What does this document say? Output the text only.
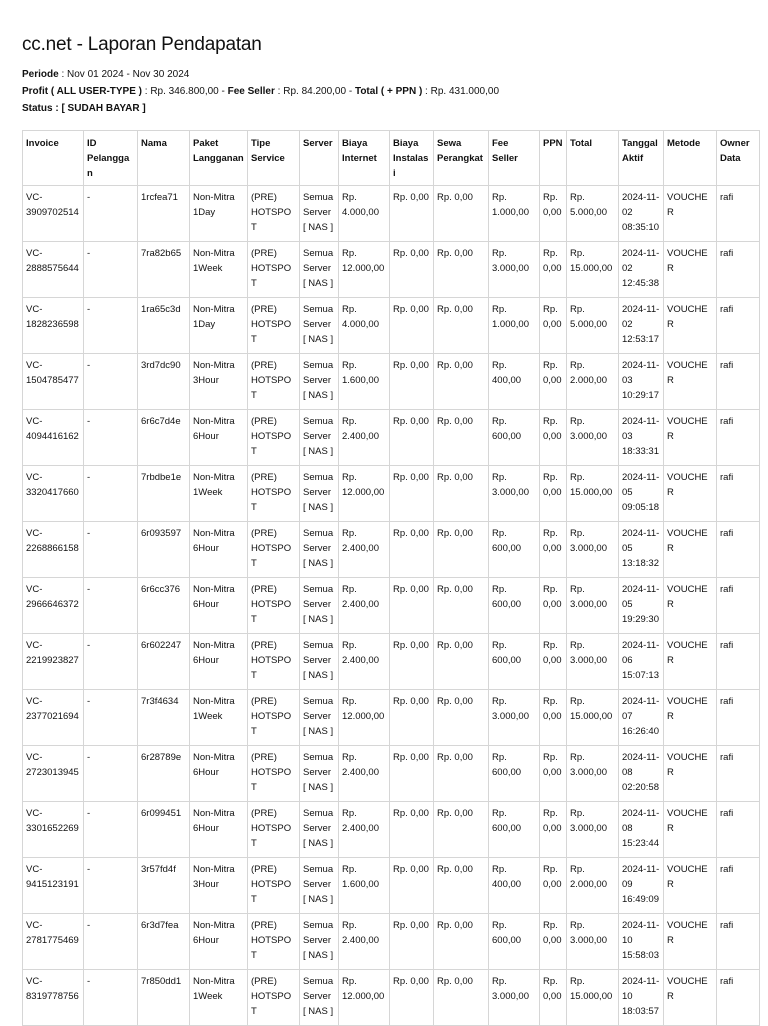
cc.net - Laporan Pendapatan
Periode : Nov 01 2024 - Nov 30 2024
Profit ( ALL USER-TYPE ) : Rp. 346.800,00 - Fee Seller : Rp. 84.200,00 - Total ( + PPN ) : Rp. 431.000,00
Status : [ SUDAH BAYAR ]
Invoice	ID Pelanggan	Nama	Paket Langganan	Tipe Service	Server	Biaya Internet	Biaya Instalasi	Sewa Perangkat	Fee Seller	PPN	Total	Tanggal Aktif	Metode	Owner Data
VC-3909702514	-	1rcfea71	Non-Mitra 1Day	(PRE) HOTSPOT	Semua Server [ NAS ]	Rp. 4.000,00	Rp. 0,00	Rp. 0,00	Rp. 1.000,00	Rp. 0,00	Rp. 5.000,00	2024-11-02 08:35:10	VOUCHER	rafi
VC-2888575644	-	7ra82b65	Non-Mitra 1Week	(PRE) HOTSPOT	Semua Server [ NAS ]	Rp. 12.000,00	Rp. 0,00	Rp. 0,00	Rp. 3.000,00	Rp. 0,00	Rp. 15.000,00	2024-11-02 12:45:38	VOUCHER	rafi
VC-1828236598	-	1ra65c3d	Non-Mitra 1Day	(PRE) HOTSPOT	Semua Server [ NAS ]	Rp. 4.000,00	Rp. 0,00	Rp. 0,00	Rp. 1.000,00	Rp. 0,00	Rp. 5.000,00	2024-11-02 12:53:17	VOUCHER	rafi
VC-1504785477	-	3rd7dc90	Non-Mitra 3Hour	(PRE) HOTSPOT	Semua Server [ NAS ]	Rp. 1.600,00	Rp. 0,00	Rp. 0,00	Rp. 400,00	Rp. 0,00	Rp. 2.000,00	2024-11-03 10:29:17	VOUCHER	rafi
VC-4094416162	-	6r6c7d4e	Non-Mitra 6Hour	(PRE) HOTSPOT	Semua Server [ NAS ]	Rp. 2.400,00	Rp. 0,00	Rp. 0,00	Rp. 600,00	Rp. 0,00	Rp. 3.000,00	2024-11-03 18:33:31	VOUCHER	rafi
VC-3320417660	-	7rbdbe1e	Non-Mitra 1Week	(PRE) HOTSPOT	Semua Server [ NAS ]	Rp. 12.000,00	Rp. 0,00	Rp. 0,00	Rp. 3.000,00	Rp. 0,00	Rp. 15.000,00	2024-11-05 09:05:18	VOUCHER	rafi
VC-2268866158	-	6r093597	Non-Mitra 6Hour	(PRE) HOTSPOT	Semua Server [ NAS ]	Rp. 2.400,00	Rp. 0,00	Rp. 0,00	Rp. 600,00	Rp. 0,00	Rp. 3.000,00	2024-11-05 13:18:32	VOUCHER	rafi
VC-2966646372	-	6r6cc376	Non-Mitra 6Hour	(PRE) HOTSPOT	Semua Server [ NAS ]	Rp. 2.400,00	Rp. 0,00	Rp. 0,00	Rp. 600,00	Rp. 0,00	Rp. 3.000,00	2024-11-05 19:29:30	VOUCHER	rafi
VC-2219923827	-	6r602247	Non-Mitra 6Hour	(PRE) HOTSPOT	Semua Server [ NAS ]	Rp. 2.400,00	Rp. 0,00	Rp. 0,00	Rp. 600,00	Rp. 0,00	Rp. 3.000,00	2024-11-06 15:07:13	VOUCHER	rafi
VC-2377021694	-	7r3f4634	Non-Mitra 1Week	(PRE) HOTSPOT	Semua Server [ NAS ]	Rp. 12.000,00	Rp. 0,00	Rp. 0,00	Rp. 3.000,00	Rp. 0,00	Rp. 15.000,00	2024-11-07 16:26:40	VOUCHER	rafi
VC-2723013945	-	6r28789e	Non-Mitra 6Hour	(PRE) HOTSPOT	Semua Server [ NAS ]	Rp. 2.400,00	Rp. 0,00	Rp. 0,00	Rp. 600,00	Rp. 0,00	Rp. 3.000,00	2024-11-08 02:20:58	VOUCHER	rafi
VC-3301652269	-	6r099451	Non-Mitra 6Hour	(PRE) HOTSPOT	Semua Server [ NAS ]	Rp. 2.400,00	Rp. 0,00	Rp. 0,00	Rp. 600,00	Rp. 0,00	Rp. 3.000,00	2024-11-08 15:23:44	VOUCHER	rafi
VC-9415123191	-	3r57fd4f	Non-Mitra 3Hour	(PRE) HOTSPOT	Semua Server [ NAS ]	Rp. 1.600,00	Rp. 0,00	Rp. 0,00	Rp. 400,00	Rp. 0,00	Rp. 2.000,00	2024-11-09 16:49:09	VOUCHER	rafi
VC-2781775469	-	6r3d7fea	Non-Mitra 6Hour	(PRE) HOTSPOT	Semua Server [ NAS ]	Rp. 2.400,00	Rp. 0,00	Rp. 0,00	Rp. 600,00	Rp. 0,00	Rp. 3.000,00	2024-11-10 15:58:03	VOUCHER	rafi
VC-8319778756	-	7r850dd1	Non-Mitra 1Week	(PRE) HOTSPOT	Semua Server [ NAS ]	Rp. 12.000,00	Rp. 0,00	Rp. 0,00	Rp. 3.000,00	Rp. 0,00	Rp. 15.000,00	2024-11-10 18:03:57	VOUCHER	rafi
